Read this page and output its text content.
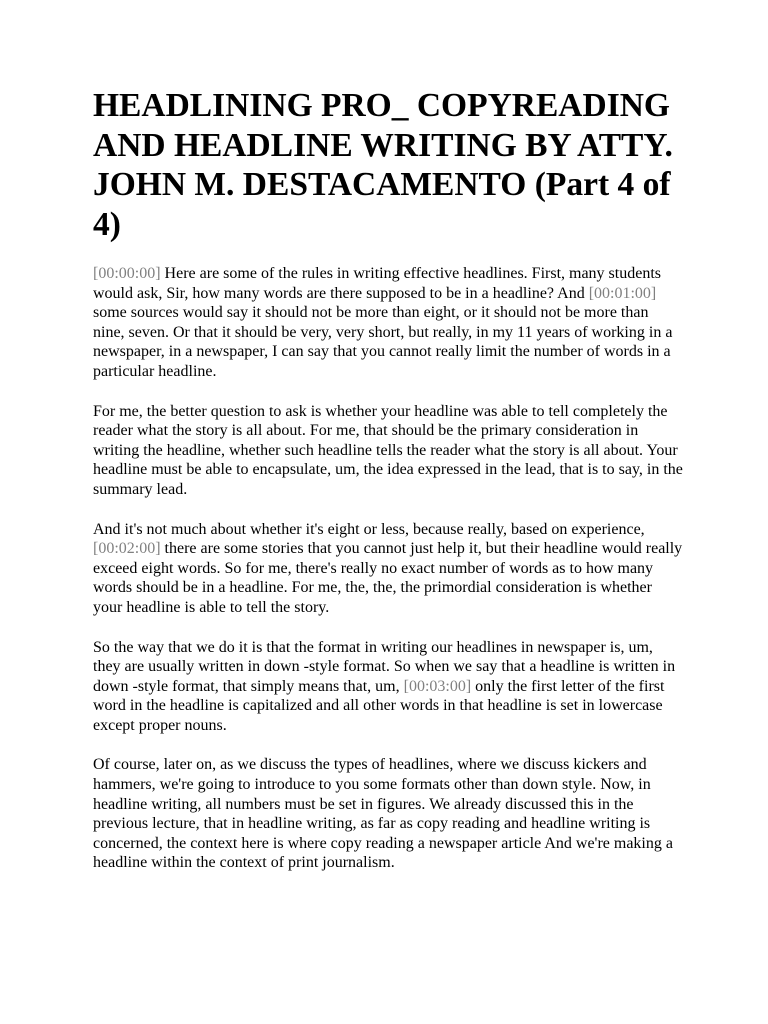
HEADLINING PRO_ COPYREADING AND HEADLINE WRITING BY ATTY. JOHN M. DESTACAMENTO (Part 4 of 4)

[00:00:00] Here are some of the rules in writing effective headlines. First, many students would ask, Sir, how many words are there supposed to be in a headline? And [00:01:00] some sources would say it should not be more than eight, or it should not be more than nine, seven. Or that it should be very, very short, but really, in my 11 years of working in a newspaper, in a newspaper, I can say that you cannot really limit the number of words in a particular headline.

For me, the better question to ask is whether your headline was able to tell completely the reader what the story is all about. For me, that should be the primary consideration in writing the headline, whether such headline tells the reader what the story is all about. Your headline must be able to encapsulate, um, the idea expressed in the lead, that is to say, in the summary lead.

And it's not much about whether it's eight or less, because really, based on experience, [00:02:00] there are some stories that you cannot just help it, but their headline would really exceed eight words. So for me, there's really no exact number of words as to how many words should be in a headline. For me, the, the, the primordial consideration is whether your headline is able to tell the story.

So the way that we do it is that the format in writing our headlines in newspaper is, um, they are usually written in down -style format. So when we say that a headline is written in down -style format, that simply means that, um, [00:03:00] only the first letter of the first word in the headline is capitalized and all other words in that headline is set in lowercase except proper nouns.

Of course, later on, as we discuss the types of headlines, where we discuss kickers and hammers, we're going to introduce to you some formats other than down style. Now, in headline writing, all numbers must be set in figures. We already discussed this in the previous lecture, that in headline writing, as far as copy reading and headline writing is concerned, the context here is where copy reading a newspaper article And we're making a headline within the context of print journalism.
